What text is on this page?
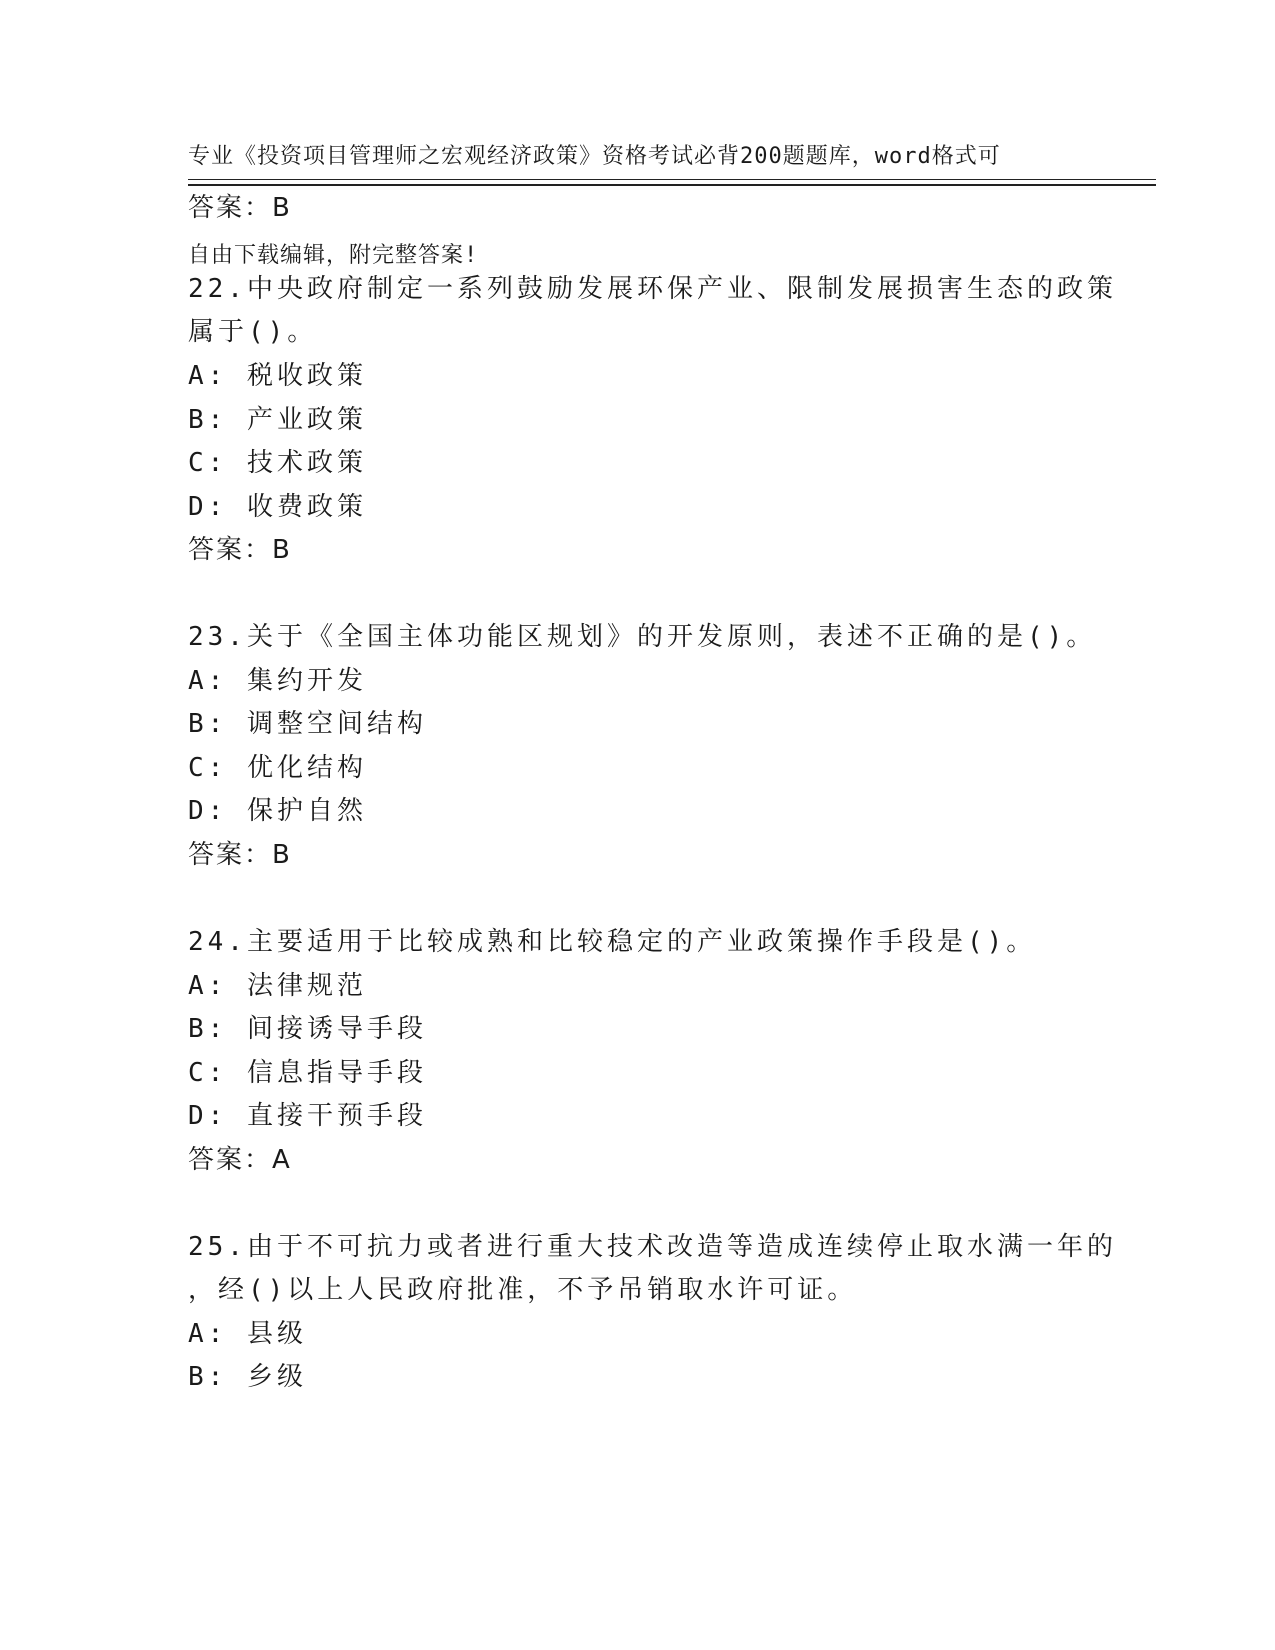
专业《投资项目管理师之宏观经济政策》资格考试必背200题题库，word格式可

自由下载编辑，附完整答案!

答案：B
22.中央政府制定一系列鼓励发展环保产业、限制发展损害生态的政策
属于()。
A: 税收政策
B: 产业政策
C: 技术政策
D: 收费政策
答案：B
23.关于《全国主体功能区规划》的开发原则，表述不正确的是()。
A: 集约开发
B: 调整空间结构
C: 优化结构
D: 保护自然
答案：B
24.主要适用于比较成熟和比较稳定的产业政策操作手段是()。
A: 法律规范
B: 间接诱导手段
C: 信息指导手段
D: 直接干预手段
答案：A
25.由于不可抗力或者进行重大技术改造等造成连续停止取水满一年的
，经()以上人民政府批准，不予吊销取水许可证。
A: 县级
B: 乡级
